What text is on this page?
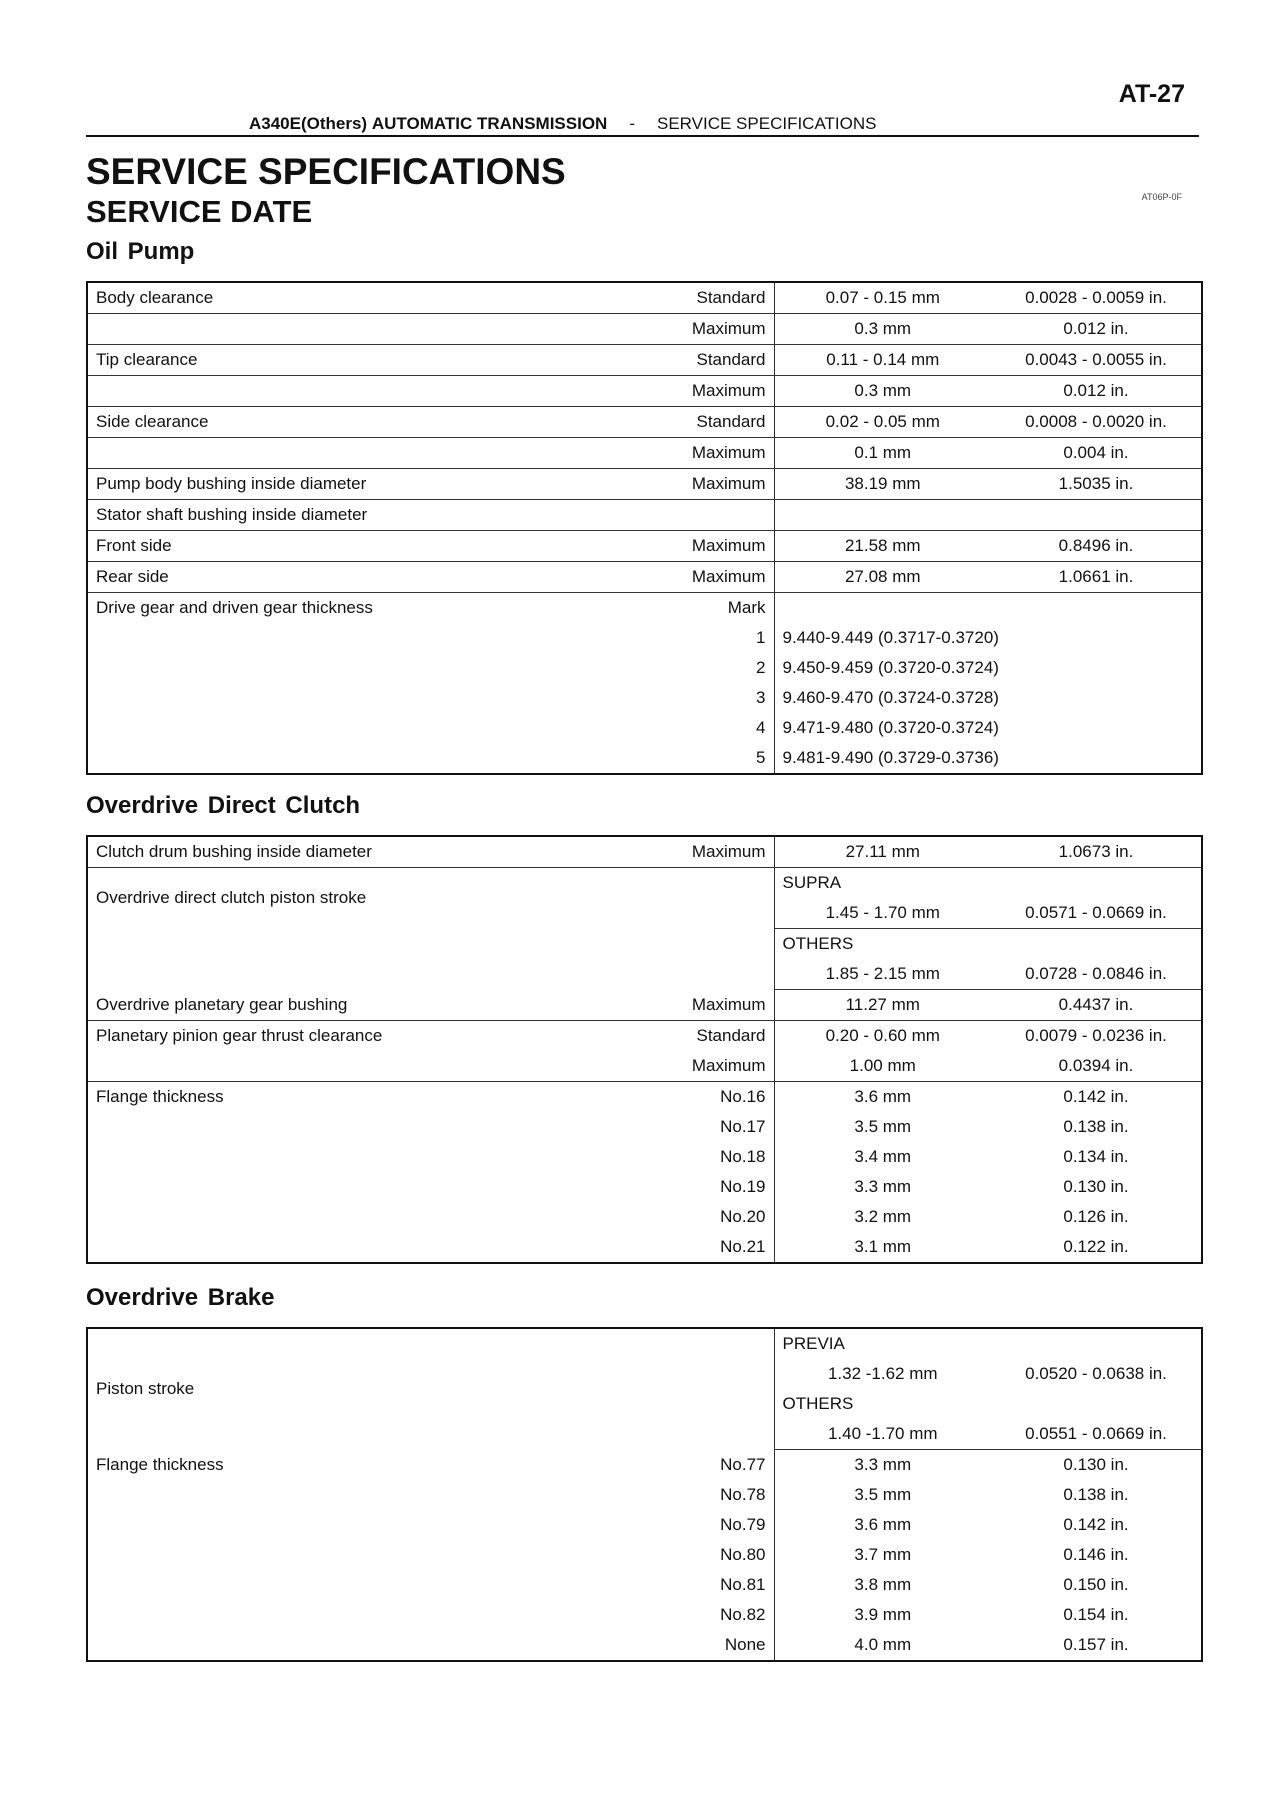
AT-27
A340E(Others) AUTOMATIC TRANSMISSION - SERVICE SPECIFICATIONS
SERVICE SPECIFICATIONS
SERVICE DATE	AT06P-0F
Oil Pump
Body clearance	Standard	0.07 - 0.15 mm	0.0028 - 0.0059 in.
	Maximum	0.3 mm	0.012 in.
Tip clearance	Standard	0.11 - 0.14 mm	0.0043 - 0.0055 in.
	Maximum	0.3 mm	0.012 in.
Side clearance	Standard	0.02 - 0.05 mm	0.0008 - 0.0020 in.
	Maximum	0.1 mm	0.004 in.
Pump body bushing inside diameter	Maximum	38.19 mm	1.5035 in.
Stator shaft bushing inside diameter			
Front side	Maximum	21.58 mm	0.8496 in.
Rear side	Maximum	27.08 mm	1.0661 in.
Drive gear and driven gear thickness	Mark		
	1	9.440-9.449 (0.3717-0.3720)	
	2	9.450-9.459 (0.3720-0.3724)	
	3	9.460-9.470 (0.3724-0.3728)	
	4	9.471-9.480 (0.3720-0.3724)	
	5	9.481-9.490 (0.3729-0.3736)	
Overdrive Direct Clutch
Clutch drum bushing inside diameter	Maximum	27.11 mm	1.0673 in.
Overdrive direct clutch piston stroke		SUPRA	
		1.45 - 1.70 mm	0.0571 - 0.0669 in.
		OTHERS	
		1.85 - 2.15 mm	0.0728 - 0.0846 in.
Overdrive planetary gear bushing	Maximum	11.27 mm	0.4437 in.
Planetary pinion gear thrust clearance	Standard	0.20 - 0.60 mm	0.0079 - 0.0236 in.
	Maximum	1.00 mm	0.0394 in.
Flange thickness	No.16	3.6 mm	0.142 in.
	No.17	3.5 mm	0.138 in.
	No.18	3.4 mm	0.134 in.
	No.19	3.3 mm	0.130 in.
	No.20	3.2 mm	0.126 in.
	No.21	3.1 mm	0.122 in.
Overdrive Brake
Piston stroke		PREVIA	
		1.32 -1.62 mm	0.0520 - 0.0638 in.
		OTHERS	
		1.40 -1.70 mm	0.0551 - 0.0669 in.
Flange thickness	No.77	3.3 mm	0.130 in.
	No.78	3.5 mm	0.138 in.
	No.79	3.6 mm	0.142 in.
	No.80	3.7 mm	0.146 in.
	No.81	3.8 mm	0.150 in.
	No.82	3.9 mm	0.154 in.
	None	4.0 mm	0.157 in.
